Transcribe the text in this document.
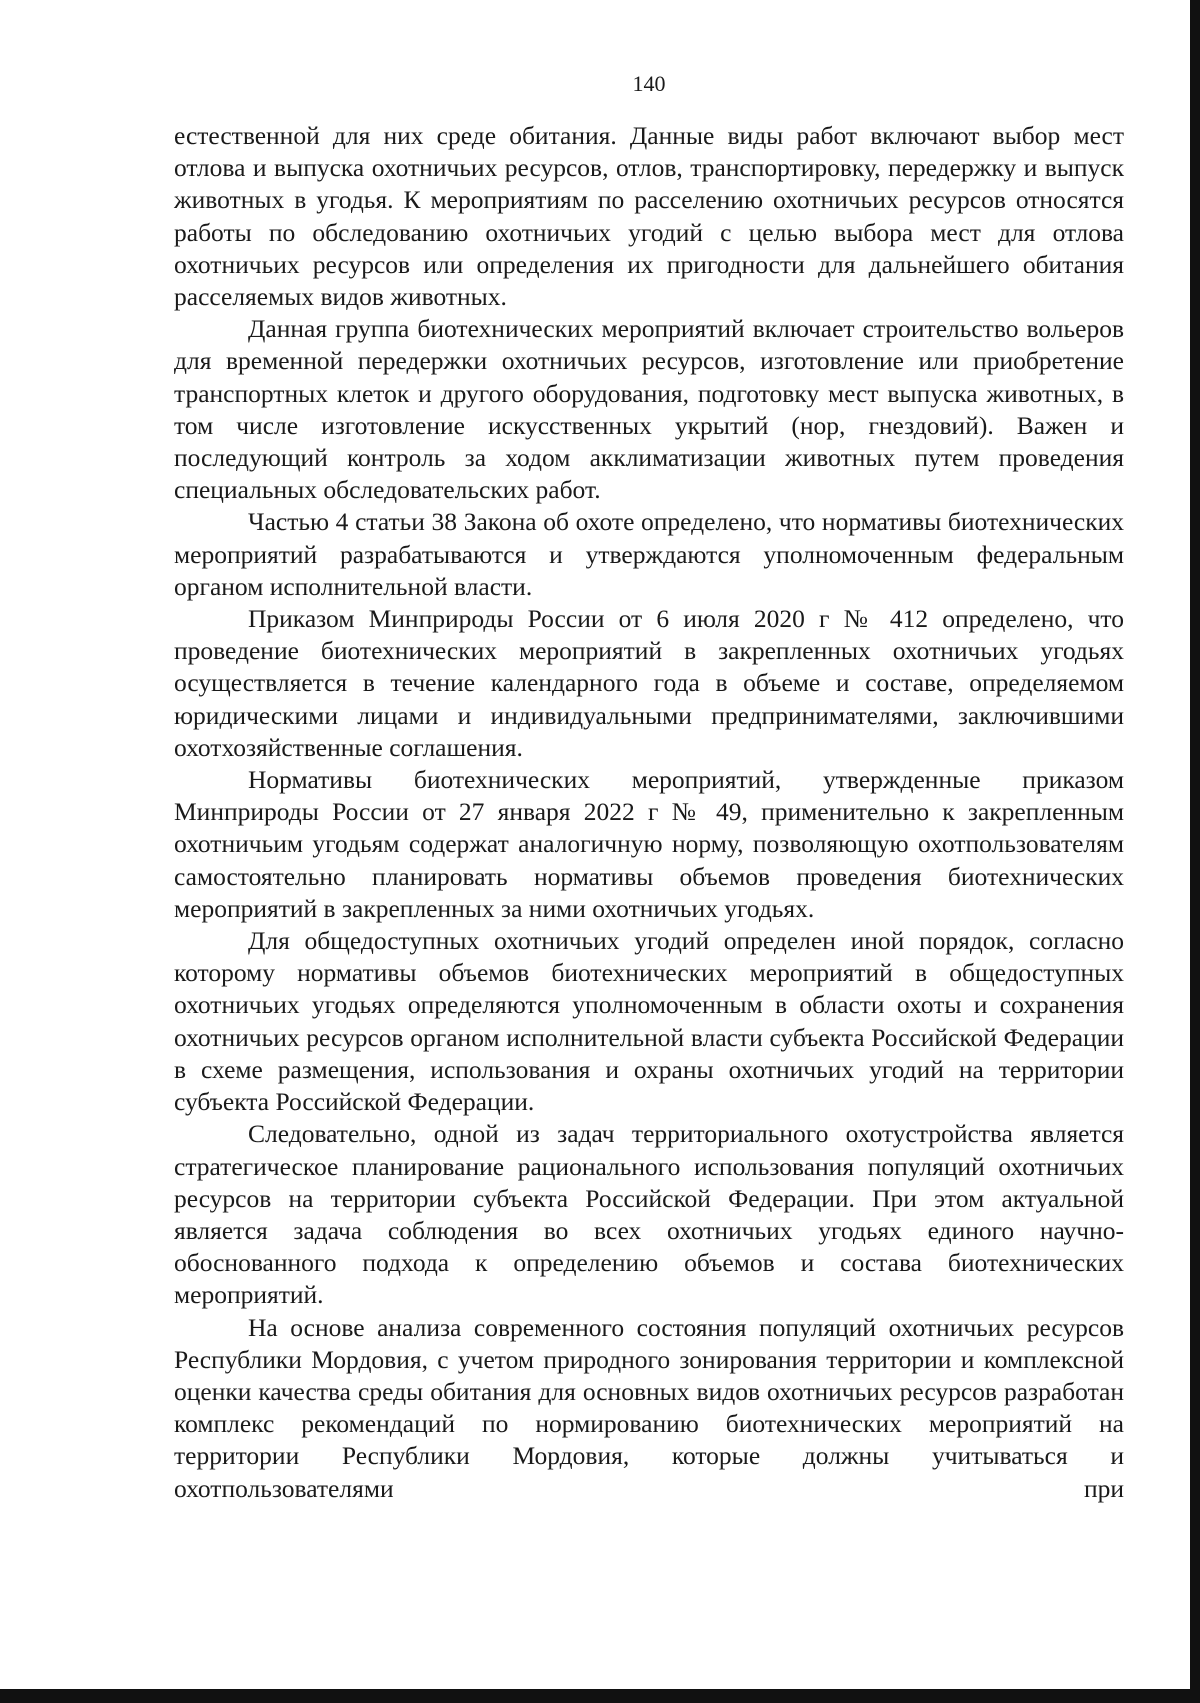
140

естественной для них среде обитания. Данные виды работ включают выбор мест отлова и выпуска охотничьих ресурсов, отлов, транспортировку, передержку и выпуск животных в угодья. К мероприятиям по расселению охотничьих ресурсов относятся работы по обследованию охотничьих угодий с целью выбора мест для отлова охотничьих ресурсов или определения их пригодности для дальнейшего обитания расселяемых видов животных.

Данная группа биотехнических мероприятий включает строительство вольеров для временной передержки охотничьих ресурсов, изготовление или приобретение транспортных клеток и другого оборудования, подготовку мест выпуска животных, в том числе изготовление искусственных укрытий (нор, гнездовий). Важен и последующий контроль за ходом акклиматизации животных путем проведения специальных обследовательских работ.

Частью 4 статьи 38 Закона об охоте определено, что нормативы биотехнических мероприятий разрабатываются и утверждаются уполномоченным федеральным органом исполнительной власти.

Приказом Минприроды России от 6 июля 2020 г № 412 определено, что проведение биотехнических мероприятий в закрепленных охотничьих угодьях осуществляется в течение календарного года в объеме и составе, определяемом юридическими лицами и индивидуальными предпринимателями, заключившими охотхозяйственные соглашения.

Нормативы биотехнических мероприятий, утвержденные приказом Минприроды России от 27 января 2022 г № 49, применительно к закрепленным охотничьим угодьям содержат аналогичную норму, позволяющую охотпользователям самостоятельно планировать нормативы объемов проведения биотехнических мероприятий в закрепленных за ними охотничьих угодьях.

Для общедоступных охотничьих угодий определен иной порядок, согласно которому нормативы объемов биотехнических мероприятий в общедоступных охотничьих угодьях определяются уполномоченным в области охоты и сохранения охотничьих ресурсов органом исполнительной власти субъекта Российской Федерации в схеме размещения, использования и охраны охотничьих угодий на территории субъекта Российской Федерации.

Следовательно, одной из задач территориального охотустройства является стратегическое планирование рационального использования популяций охотничьих ресурсов на территории субъекта Российской Федерации. При этом актуальной является задача соблюдения во всех охотничьих угодьях единого научно-обоснованного подхода к определению объемов и состава биотехнических мероприятий.

На основе анализа современного состояния популяций охотничьих ресурсов Республики Мордовия, с учетом природного зонирования территории и комплексной оценки качества среды обитания для основных видов охотничьих ресурсов разработан комплекс рекомендаций по нормированию биотехнических мероприятий на территории Республики Мордовия, которые должны учитываться и охотпользователями при
